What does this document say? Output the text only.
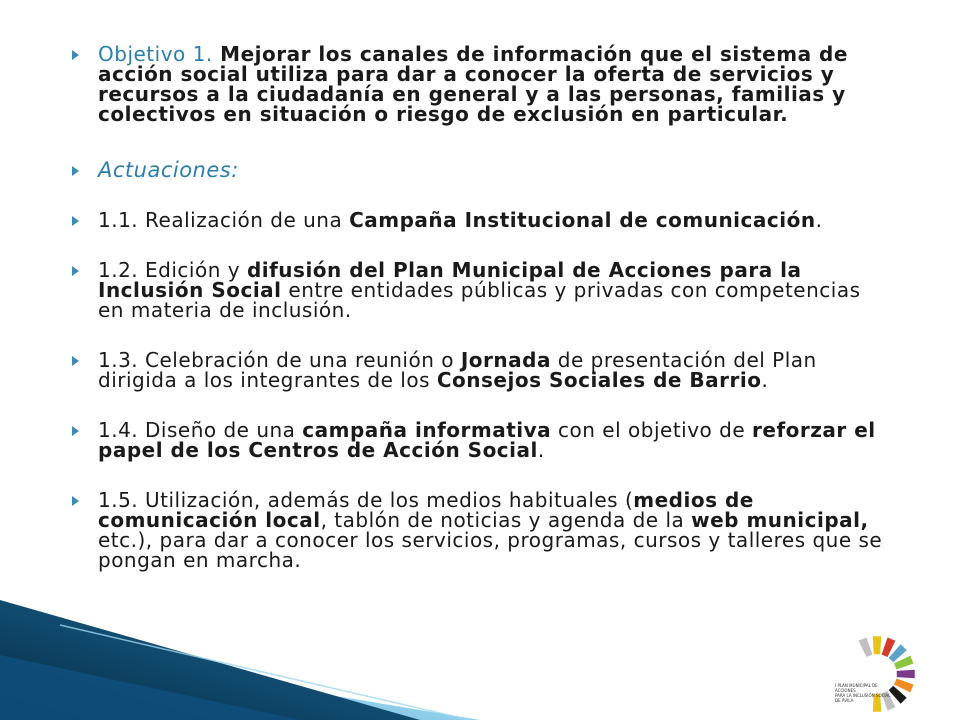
Objetivo 1. Mejorar los canales de información que el sistema de acción social utiliza para dar a conocer la oferta de servicios y recursos a la ciudadanía en general y a las personas, familias y colectivos en situación o riesgo de exclusión en particular.
Actuaciones:
1.1. Realización de una Campaña Institucional de comunicación.
1.2. Edición y difusión del Plan Municipal de Acciones para la Inclusión Social entre entidades públicas y privadas con competencias en materia de inclusión.
1.3. Celebración de una reunión o Jornada de presentación del Plan dirigida a los integrantes de los Consejos Sociales de Barrio.
1.4. Diseño de una campaña informativa con el objetivo de reforzar el papel de los Centros de Acción Social.
1.5. Utilización, además de los medios habituales (medios de comunicación local, tablón de noticias y agenda de la web municipal, etc.), para dar a conocer los servicios, programas, cursos y talleres que se pongan en marcha.
I PLAN MUNICIPAL DE ACCIONES
PARA LA INCLUSIÓN SOCIAL DE ÁVILA
